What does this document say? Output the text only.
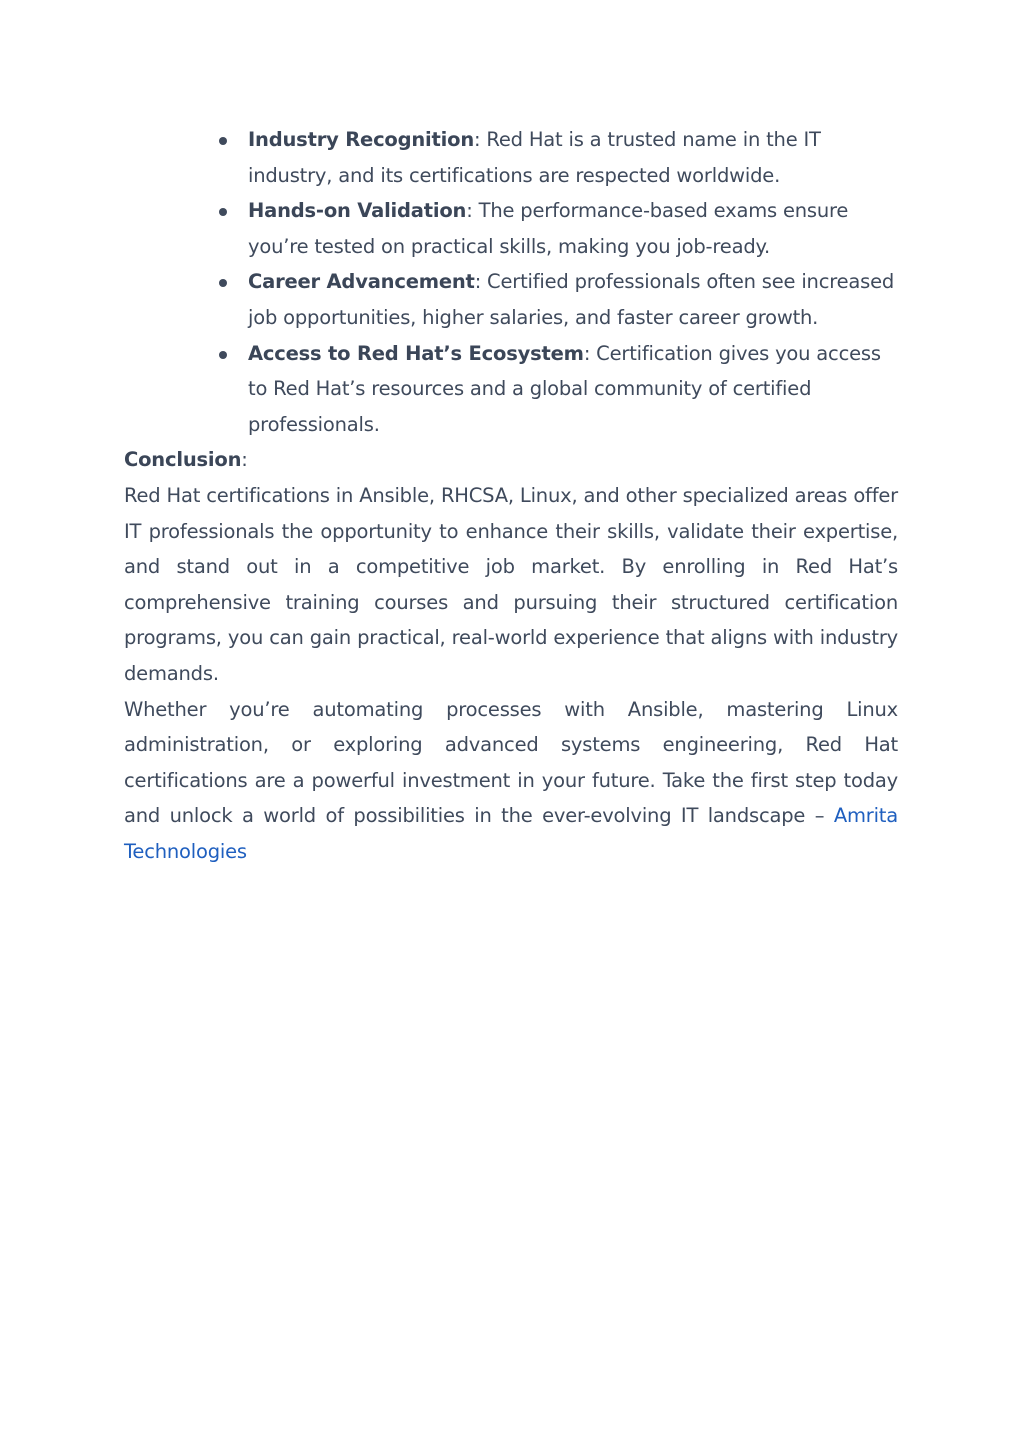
Industry Recognition: Red Hat is a trusted name in the IT industry, and its certifications are respected worldwide.
Hands-on Validation: The performance-based exams ensure you’re tested on practical skills, making you job-ready.
Career Advancement: Certified professionals often see increased job opportunities, higher salaries, and faster career growth.
Access to Red Hat’s Ecosystem: Certification gives you access to Red Hat’s resources and a global community of certified professionals.

Conclusion:

Red Hat certifications in Ansible, RHCSA, Linux, and other specialized areas offer IT professionals the opportunity to enhance their skills, validate their expertise, and stand out in a competitive job market. By enrolling in Red Hat’s comprehensive training courses and pursuing their structured certification programs, you can gain practical, real-world experience that aligns with industry demands.

Whether you’re automating processes with Ansible, mastering Linux administration, or exploring advanced systems engineering, Red Hat certifications are a powerful investment in your future. Take the first step today and unlock a world of possibilities in the ever-evolving IT landscape – Amrita Technologies
